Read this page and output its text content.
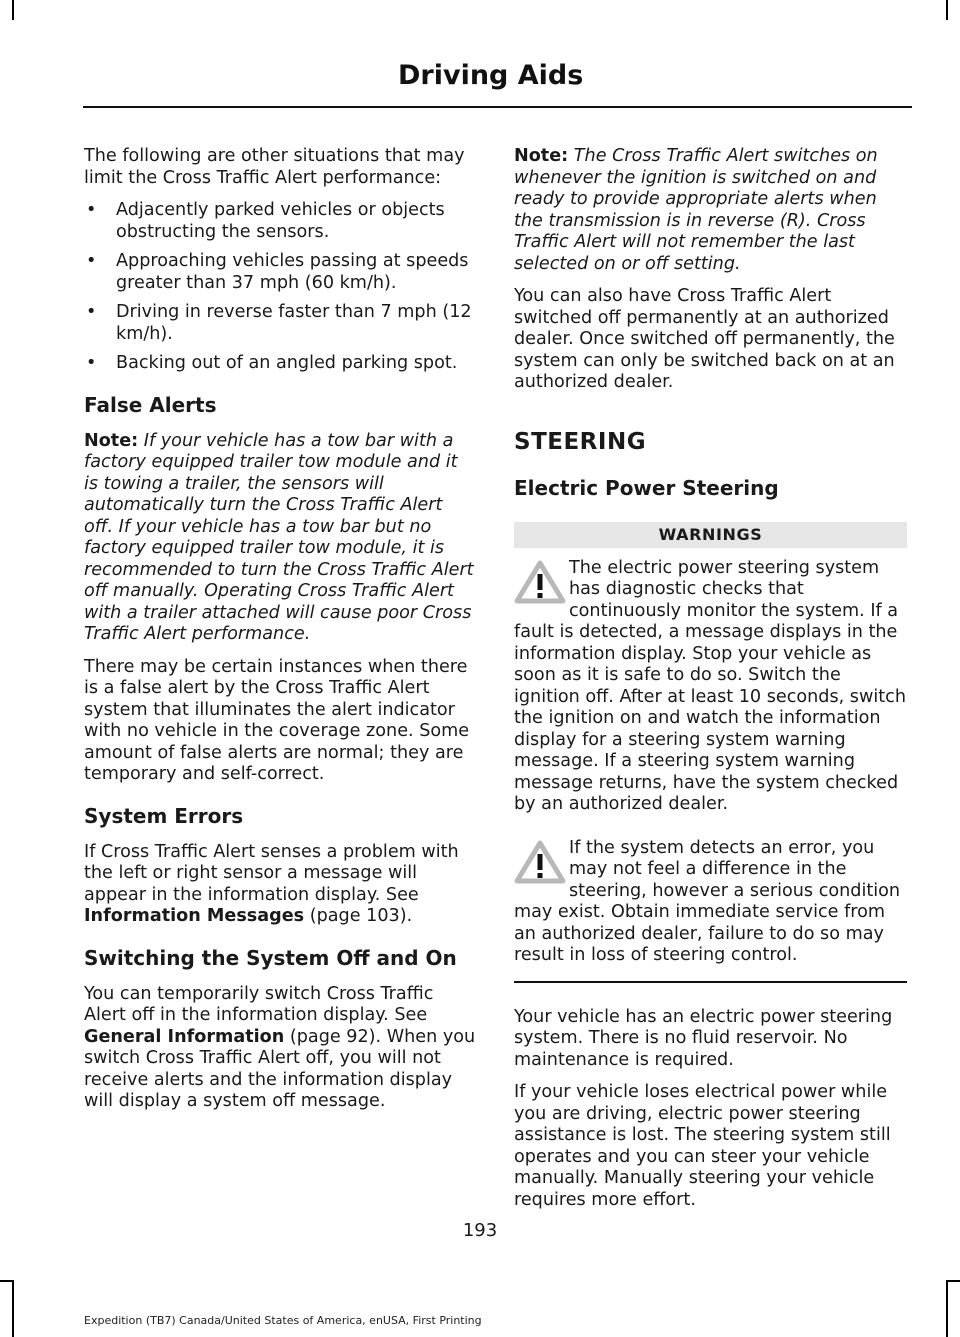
Driving Aids

The following are other situations that may limit the Cross Traffic Alert performance:

• Adjacently parked vehicles or objects obstructing the sensors.
• Approaching vehicles passing at speeds greater than 37 mph (60 km/h).
• Driving in reverse faster than 7 mph (12 km/h).
• Backing out of an angled parking spot.
False Alerts

Note: If your vehicle has a tow bar with a factory equipped trailer tow module and it is towing a trailer, the sensors will automatically turn the Cross Traffic Alert off. If your vehicle has a tow bar but no factory equipped trailer tow module, it is recommended to turn the Cross Traffic Alert off manually. Operating Cross Traffic Alert with a trailer attached will cause poor Cross Traffic Alert performance.

There may be certain instances when there is a false alert by the Cross Traffic Alert system that illuminates the alert indicator with no vehicle in the coverage zone. Some amount of false alerts are normal; they are temporary and self-correct.

System Errors

If Cross Traffic Alert senses a problem with the left or right sensor a message will appear in the information display. See Information Messages (page 103).

Switching the System Off and On

You can temporarily switch Cross Traffic Alert off in the information display. See General Information (page 92). When you switch Cross Traffic Alert off, you will not receive alerts and the information display will display a system off message.

Note: The Cross Traffic Alert switches on whenever the ignition is switched on and ready to provide appropriate alerts when the transmission is in reverse (R). Cross Traffic Alert will not remember the last selected on or off setting.

You can also have Cross Traffic Alert switched off permanently at an authorized dealer. Once switched off permanently, the system can only be switched back on at an authorized dealer.

STEERING
Electric Power Steering
WARNINGS
The electric power steering system has diagnostic checks that continuously monitor the system. If a fault is detected, a message displays in the information display. Stop your vehicle as soon as it is safe to do so. Switch the ignition off. After at least 10 seconds, switch the ignition on and watch the information display for a steering system warning message. If a steering system warning message returns, have the system checked by an authorized dealer.
If the system detects an error, you may not feel a difference in the steering, however a serious condition may exist. Obtain immediate service from an authorized dealer, failure to do so may result in loss of steering control.

Your vehicle has an electric power steering system. There is no fluid reservoir. No maintenance is required.

If your vehicle loses electrical power while you are driving, electric power steering assistance is lost. The steering system still operates and you can steer your vehicle manually. Manually steering your vehicle requires more effort.

193
Expedition (TB7) Canada/United States of America, enUSA, First Printing
